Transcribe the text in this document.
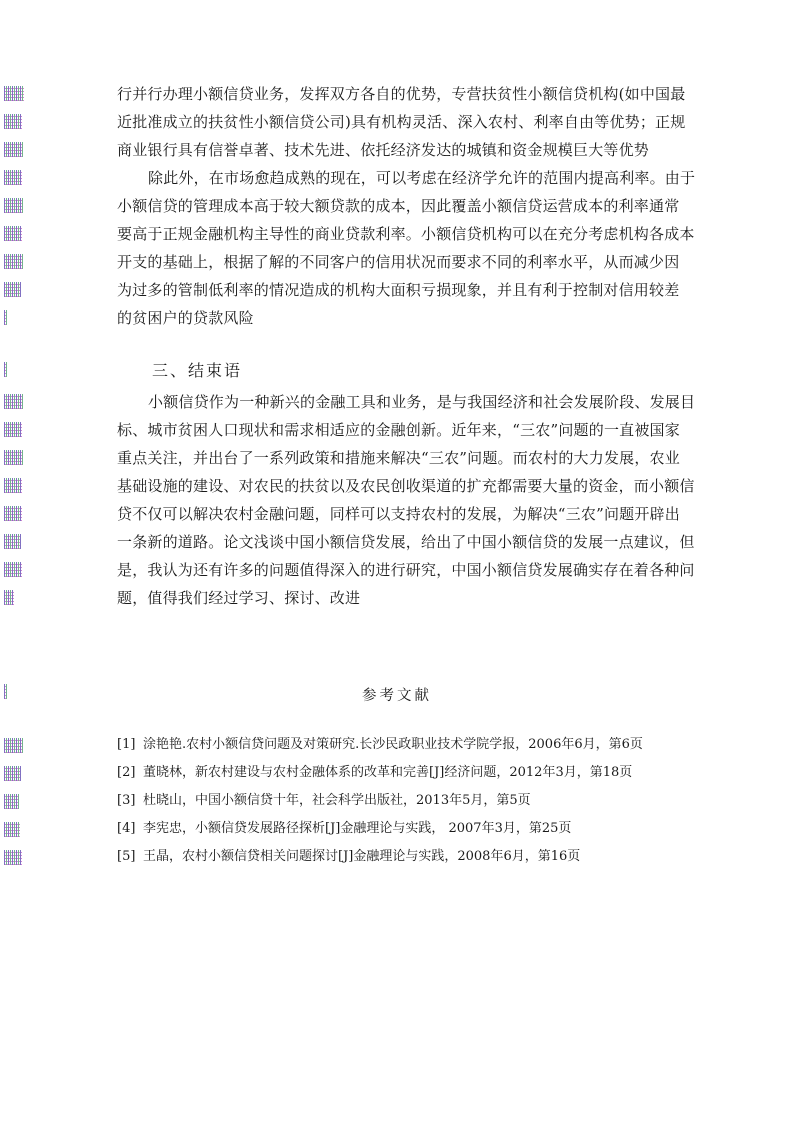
行并行办理小额信贷业务，发挥双方各自的优势，专营扶贫性小额信贷机构(如中国最
近批准成立的扶贫性小额信贷公司)具有机构灵活、深入农村、利率自由等优势；正规
商业银行具有信誉卓著、技术先进、依托经济发达的城镇和资金规模巨大等优势
除此外，在市场愈趋成熟的现在，可以考虑在经济学允许的范围内提高利率。由于
小额信贷的管理成本高于较大额贷款的成本，因此覆盖小额信贷运营成本的利率通常
要高于正规金融机构主导性的商业贷款利率。小额信贷机构可以在充分考虑机构各成本
开支的基础上，根据了解的不同客户的信用状况而要求不同的利率水平，从而减少因
为过多的管制低利率的情况造成的机构大面积亏损现象，并且有利于控制对信用较差
的贫困户的贷款风险
三、结束语
小额信贷作为一种新兴的金融工具和业务，是与我国经济和社会发展阶段、发展目
标、城市贫困人口现状和需求相适应的金融创新。近年来，“三农”问题的一直被国家
重点关注，并出台了一系列政策和措施来解决“三农”问题。而农村的大力发展，农业
基础设施的建设、对农民的扶贫以及农民创收渠道的扩充都需要大量的资金，而小额信
贷不仅可以解决农村金融问题，同样可以支持农村的发展，为解决“三农”问题开辟出
一条新的道路。论文浅谈中国小额信贷发展，给出了中国小额信贷的发展一点建议，但
是，我认为还有许多的问题值得深入的进行研究，中国小额信贷发展确实存在着各种问
题，值得我们经过学习、探讨、改进
参考文献
[1] 涂艳艳.农村小额信贷问题及对策研究.长沙民政职业技术学院学报，2006年6月，第6页
[2] 董晓林，新农村建设与农村金融体系的改革和完善[J]经济问题，2012年3月，第18页
[3] 杜晓山，中国小额信贷十年，社会科学出版社，2013年5月，第5页
[4] 李宪忠，小额信贷发展路径探析[J]金融理论与实践， 2007年3月，第25页
[5] 王晶，农村小额信贷相关问题探讨[J]金融理论与实践，2008年6月，第16页
